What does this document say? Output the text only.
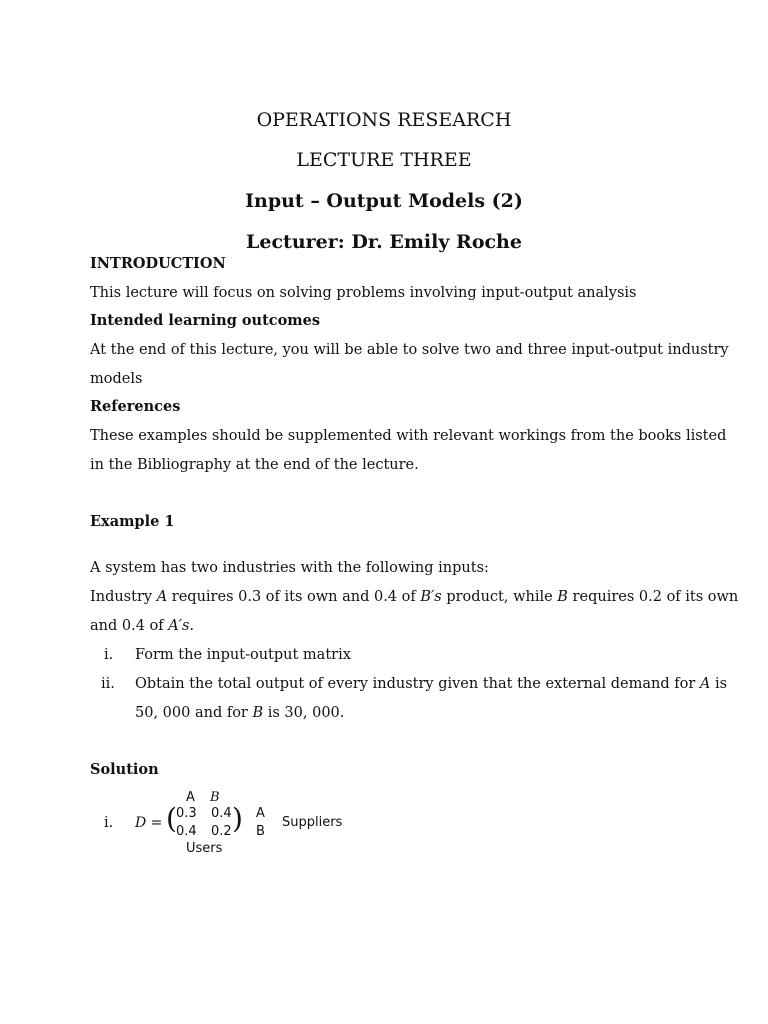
OPERATIONS RESEARCH
LECTURE THREE
Input – Output Models (2)
Lecturer: Dr. Emily Roche
INTRODUCTION
This lecture will focus on solving problems involving input-output analysis
Intended learning outcomes
At the end of this lecture, you will be able to solve two and three input-output industry
models
References
These examples should be supplemented with relevant workings from the books listed
in the Bibliography at the end of the lecture.
Example 1
A system has two industries with the following inputs:
Industry A requires 0.3 of its own and 0.4 of B′s product, while B requires 0.2 of its own
and 0.4 of A′s.
i. Form the input-output matrix
ii. Obtain the total output of every industry given that the external demand for A is
50, 000 and for B is 30, 000.
Solution
i. D =
A B
( 0.3 0.4
0.4 0.2 ) A
B
Suppliers
Users
